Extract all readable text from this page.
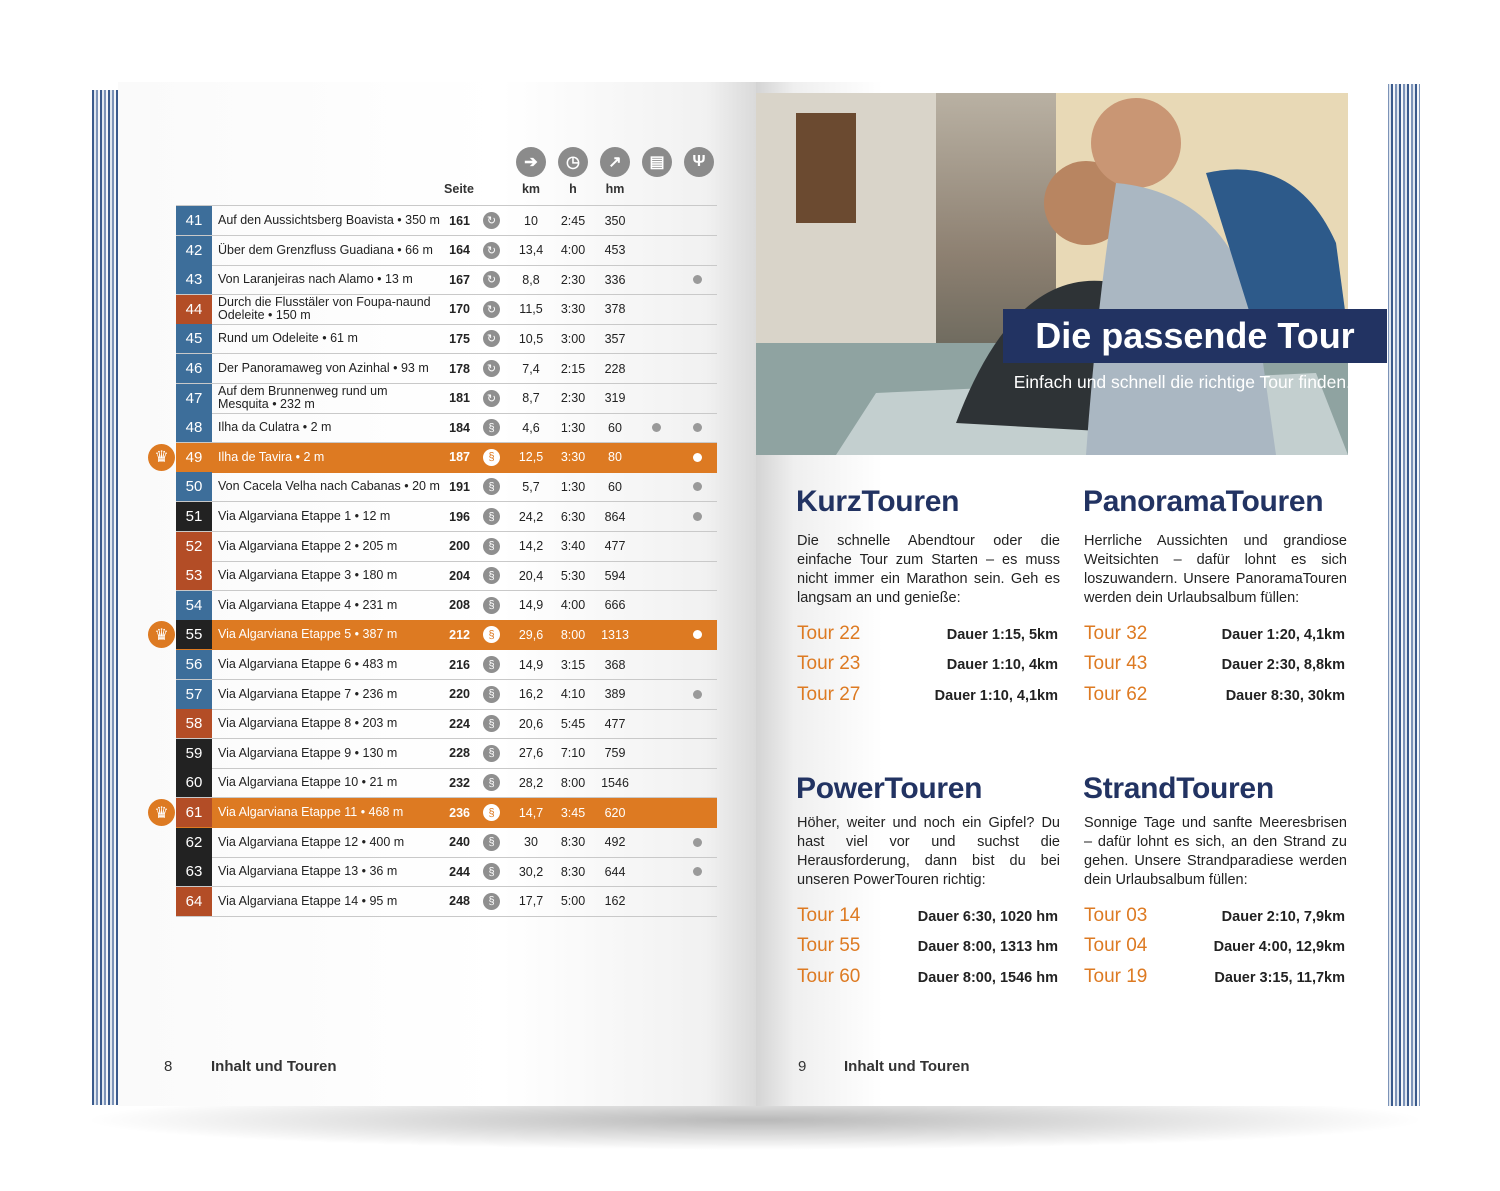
➔	◷	↗	▤	Ψ
Seite	km	h	hm
41	Auf den Aussichtsberg Boavista • 350 m 161	↻	10	2:45	350
42	Über dem Grenzfluss Guadiana • 66 m	164	↻	13,4	4:00	453
43	Von Laranjeiras nach Alamo • 13 m	167	↻	8,8	2:30	336
44	Durch die Flusstäler von Foupa-naund Odeleite • 150 m	170	↻	11,5	3:30	378
45	Rund um Odeleite • 61 m	175	↻	10,5	3:00	357
46	Der Panoramaweg von Azinhal • 93 m	178	↻	7,4	2:15	228
47	Auf dem Brunnenweg rund um Mesquita • 232 m	181	↻	8,7	2:30	319
48	Ilha da Culatra • 2 m	184	§	4,6	1:30	60
49	Ilha de Tavira • 2 m	187	§	12,5	3:30	80
♛
50	Von Cacela Velha nach Cabanas • 20 m 191	§	5,7	1:30	60
51	Via Algarviana Etappe 1 • 12 m	196	§	24,2	6:30	864
52	Via Algarviana Etappe 2 • 205 m	200	§	14,2	3:40	477
53	Via Algarviana Etappe 3 • 180 m	204	§	20,4	5:30	594
54	Via Algarviana Etappe 4 • 231 m	208	§	14,9	4:00	666
55	Via Algarviana Etappe 5 • 387 m	212	§	29,6	8:00	1313
♛
56	Via Algarviana Etappe 6 • 483 m	216	§	14,9	3:15	368
57	Via Algarviana Etappe 7 • 236 m	220	§	16,2	4:10	389
58	Via Algarviana Etappe 8 • 203 m	224	§	20,6	5:45	477
59	Via Algarviana Etappe 9 • 130 m	228	§	27,6	7:10	759
60	Via Algarviana Etappe 10 • 21 m	232	§	28,2	8:00	1546
61	Via Algarviana Etappe 11 • 468 m	236	§	14,7	3:45	620
♛
62	Via Algarviana Etappe 12 • 400 m	240	§	30	8:30	492
63	Via Algarviana Etappe 13 • 36 m	244	§	30,2	8:30	644
64	Via Algarviana Etappe 14 • 95 m	248	§	17,7	5:00	162
8	Inhalt und Touren
Die passende Tour
Einfach und schnell die richtige Tour finden.
KurzTouren
Die schnelle Abendtour oder die einfache Tour zum Starten – es muss nicht immer ein Marathon sein. Geh es langsam an und genieße:
Tour 22	Dauer 1:15, 5km
Tour 23	Dauer 1:10, 4km
Tour 27	Dauer 1:10, 4,1km
PanoramaTouren
Herrliche Aussichten und grandiose Weitsichten – dafür lohnt es sich loszuwandern. Unsere PanoramaTouren werden dein Urlaubsalbum füllen:
Tour 32	Dauer 1:20, 4,1km
Tour 43	Dauer 2:30, 8,8km
Tour 62	Dauer 8:30, 30km
PowerTouren
Höher, weiter und noch ein Gipfel? Du hast viel vor und suchst die Herausforderung, dann bist du bei unseren PowerTouren richtig:
Tour 14	Dauer 6:30, 1020 hm
Tour 55	Dauer 8:00, 1313 hm
Tour 60	Dauer 8:00, 1546 hm
StrandTouren
Sonnige Tage und sanfte Meeresbrisen – dafür lohnt es sich, an den Strand zu gehen. Unsere Strandparadiese werden dein Urlaubsalbum füllen:
Tour 03	Dauer 2:10, 7,9km
Tour 04	Dauer 4:00, 12,9km
Tour 19	Dauer 3:15, 11,7km
9	Inhalt und Touren
